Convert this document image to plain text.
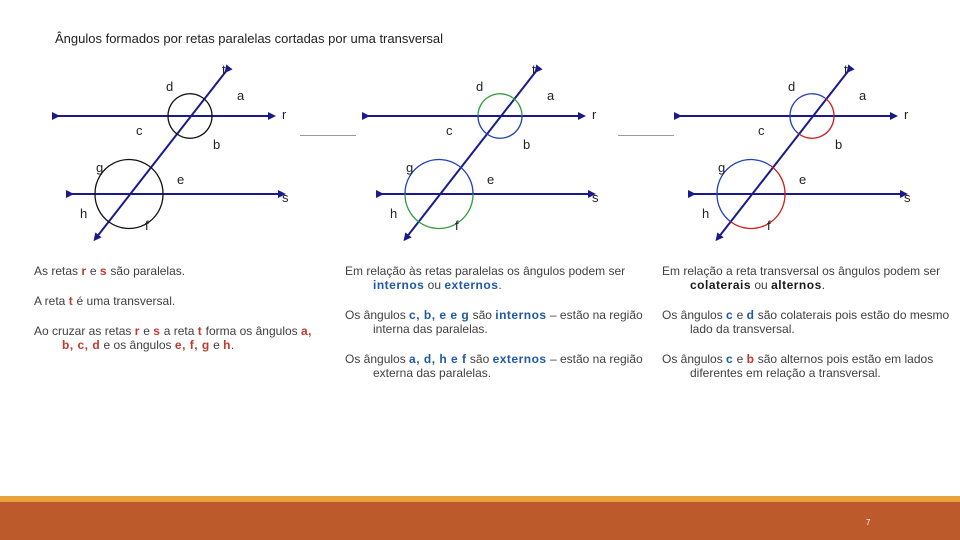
Ângulos formados por retas paralelas cortadas por uma transversal
t
r
s
d
a
c
b
g
e
h
f
t
r
s
d
a
c
b
g
e
h
f
t
r
s
d
a
c
b
g
e
h
f

As retas r e s são paralelas.

A reta t é uma transversal.

Ao cruzar as retas r e s a reta t forma os ângulos a, b, c, d e os ângulos e, f, g e h.

Em relação às retas paralelas os ângulos podem ser internos ou externos.

Os ângulos c, b, e e g são internos – estão na região interna das paralelas.

Os ângulos a, d, h e f são externos – estão na região externa das paralelas.

Em relação a reta transversal os ângulos podem ser colaterais ou alternos.

Os ângulos c e d são colaterais pois estão do mesmo lado da transversal.

Os ângulos c e b são alternos pois estão em lados diferentes em relação a transversal.

7
